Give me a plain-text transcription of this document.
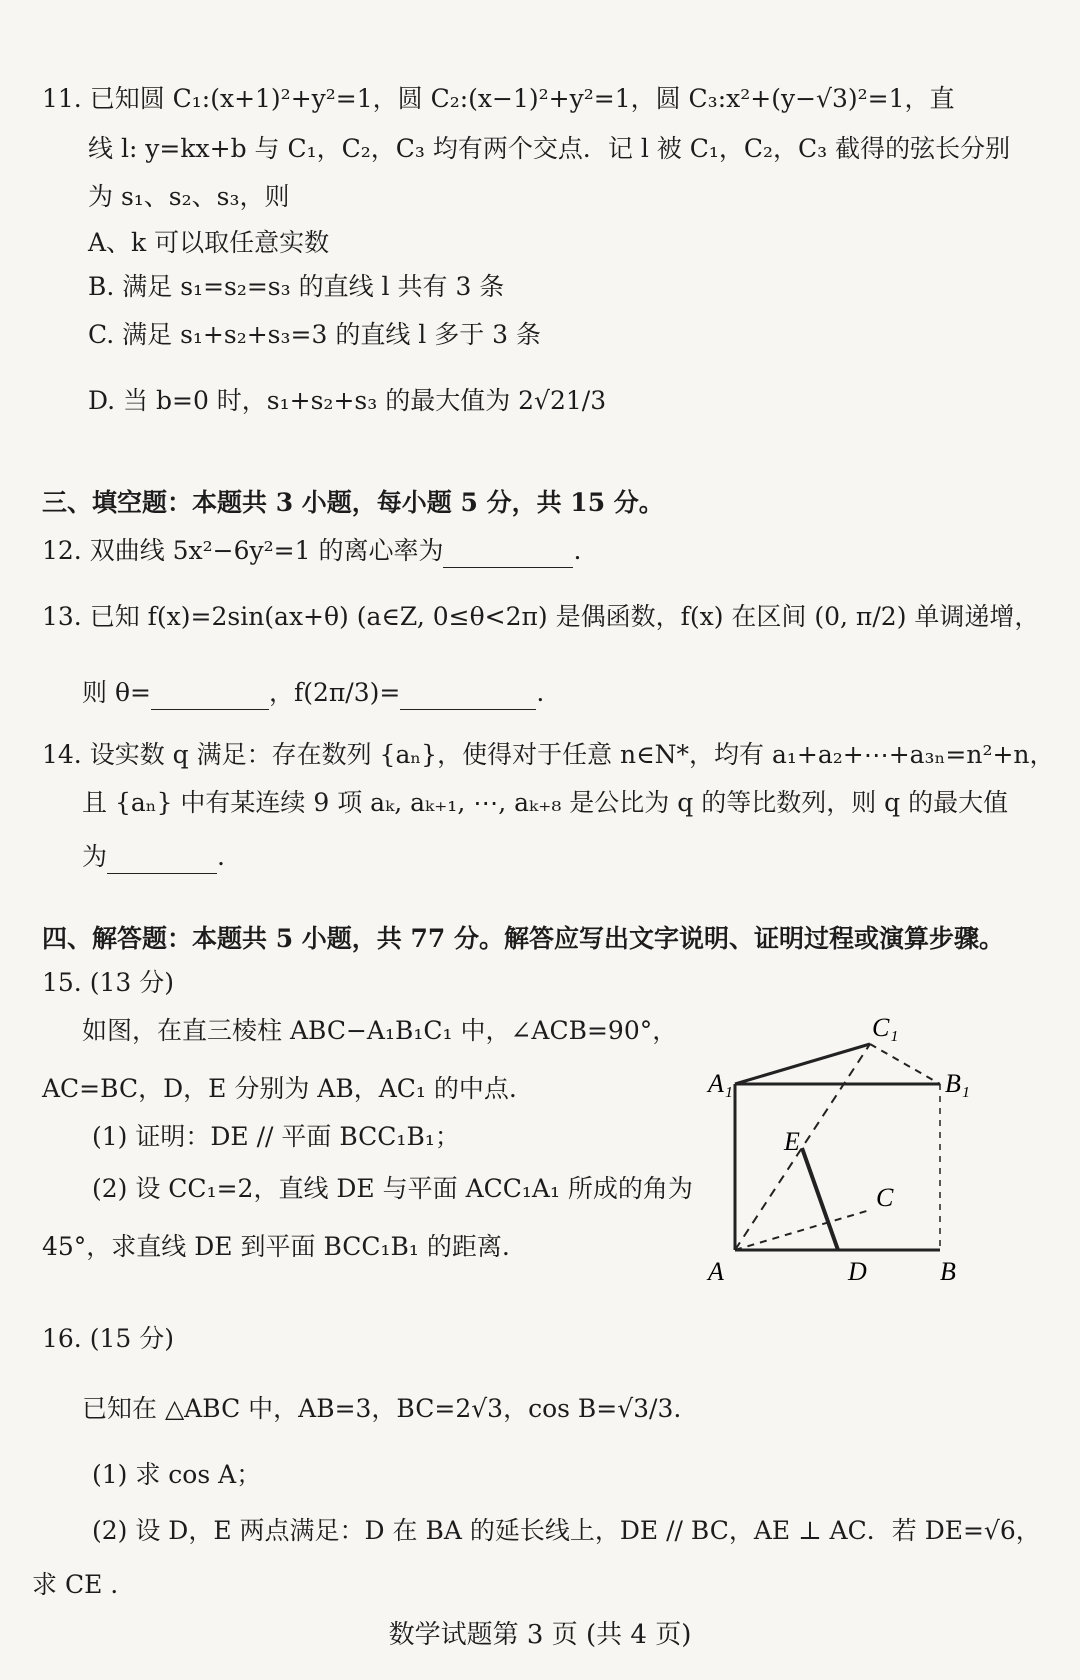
11. 已知圆 C₁:(x+1)²+y²=1，圆 C₂:(x−1)²+y²=1，圆 C₃:x²+(y−√3)²=1，直
线 l: y=kx+b 与 C₁，C₂，C₃ 均有两个交点．记 l 被 C₁，C₂，C₃ 截得的弦长分别
为 s₁、s₂、s₃，则
A、k 可以取任意实数
B. 满足 s₁=s₂=s₃ 的直线 l 共有 3 条
C. 满足 s₁+s₂+s₃=3 的直线 l 多于 3 条
D. 当 b=0 时，s₁+s₂+s₃ 的最大值为 2√21/3
三、填空题：本题共 3 小题，每小题 5 分，共 15 分。
12. 双曲线 5x²−6y²=1 的离心率为	.
13. 已知 f(x)=2sin(ax+θ) (a∈Z, 0≤θ<2π) 是偶函数，f(x) 在区间 (0, π/2) 单调递增，
则 θ=	，f(2π/3)=	.
14. 设实数 q 满足：存在数列 {aₙ}，使得对于任意 n∈N*，均有 a₁+a₂+⋯+a₃ₙ=n²+n，
且 {aₙ} 中有某连续 9 项 aₖ, aₖ₊₁, ⋯, aₖ₊₈ 是公比为 q 的等比数列，则 q 的最大值
为	.
四、解答题：本题共 5 小题，共 77 分。解答应写出文字说明、证明过程或演算步骤。
15. (13 分)
如图，在直三棱柱 ABC−A₁B₁C₁ 中，∠ACB=90°，
AC=BC，D，E 分别为 AB，AC₁ 的中点.
(1) 证明：DE // 平面 BCC₁B₁；
(2) 设 CC₁=2，直线 DE 与平面 ACC₁A₁ 所成的角为
45°，求直线 DE 到平面 BCC₁B₁ 的距离.
A₁	B₁
C₁
E
C
A	D	B
16. (15 分)
已知在 △ABC 中，AB=3，BC=2√3，cos B=√3/3.
(1) 求 cos A；
(2) 设 D，E 两点满足：D 在 BA 的延长线上，DE // BC，AE ⊥ AC．若 DE=√6，
求 CE .
数学试题第 3 页 (共 4 页)
